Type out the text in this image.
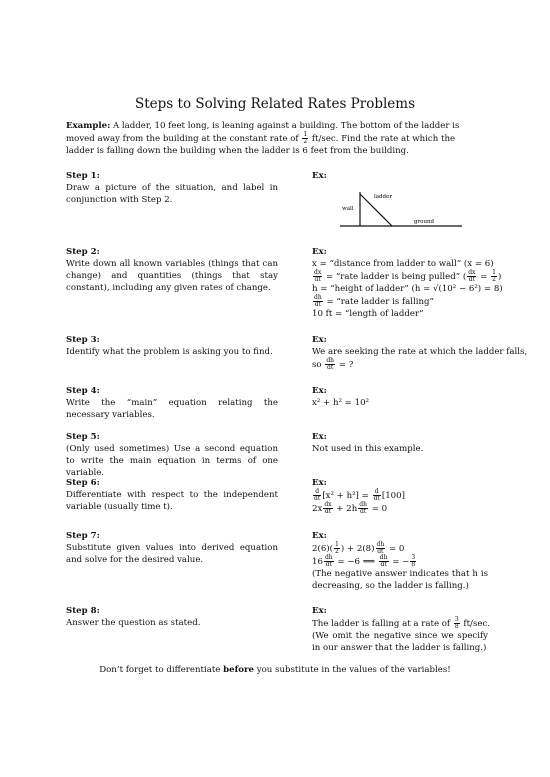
Steps to Solving Related Rates Problems
Example: A ladder, 10 feet long, is leaning against a building. The bottom of the ladder is moved away from the building at the constant rate of $\frac{1}{2} ft/\sec$. Find the rate at which the ladder is falling down the building when the ladder is 6 feet from the building.
Step 1:
Draw a picture of the situation, and label in conjunction with Step 2.
Ex:
ladder
wall
ground
Step 2:
Write down all known variables (things that can change) and quantities (things that stay constant), including any given rates of change.
Ex:
x = “distance from ladder to wall” (x = 6)
$\frac{dx}{dt}$ = “rate ladder is being pulled” ( $\frac{dx}{dt} = \frac{1}{2}$ )
h = “height of ladder” (h = √(10² − 6²) = 8)
$\frac{dh}{dt}$ = “rate ladder is falling”
10 ft = “length of ladder”
Step 3:
Identify what the problem is asking you to find.
Ex:
We are seeking the rate at which the ladder falls,
so $\frac{dh}{dt}$ = ?
Step 4:
Write the “main” equation relating the necessary variables.
Ex:
x² + h² = 10²
Step 5:
(Only used sometimes) Use a second equation to write the main equation in terms of one variable.
Ex:
Not used in this example.
Step 6:
Differentiate with respect to the independent variable (usually time t).
Ex:
$\frac{d}{dt} [x^2 + h^2] = \frac{d}{dt} [100]$
$2x \frac{dx}{dt} + 2h \frac{dh}{dt} = 0$
Step 7:
Substitute given values into derived equation and solve for the desired value.
Ex:
$2(6)( \frac{1}{2}$ ) + $2(8) \frac{dh}{dt} = 0$
$16 \frac{dh}{dt} = -6$ ⟹ $\frac{dh}{dt}$ = − $\frac{3}{8}$
(The negative answer indicates that h is decreasing, so the ladder is falling.)
Step 8:
Answer the question as stated.
Ex:
The ladder is falling at a rate of $\frac{3}{8} ft/\sec$.
(We omit the negative since we specify in our answer that the ladder is falling.)
Don’t forget to differentiate before you substitute in the values of the variables!
